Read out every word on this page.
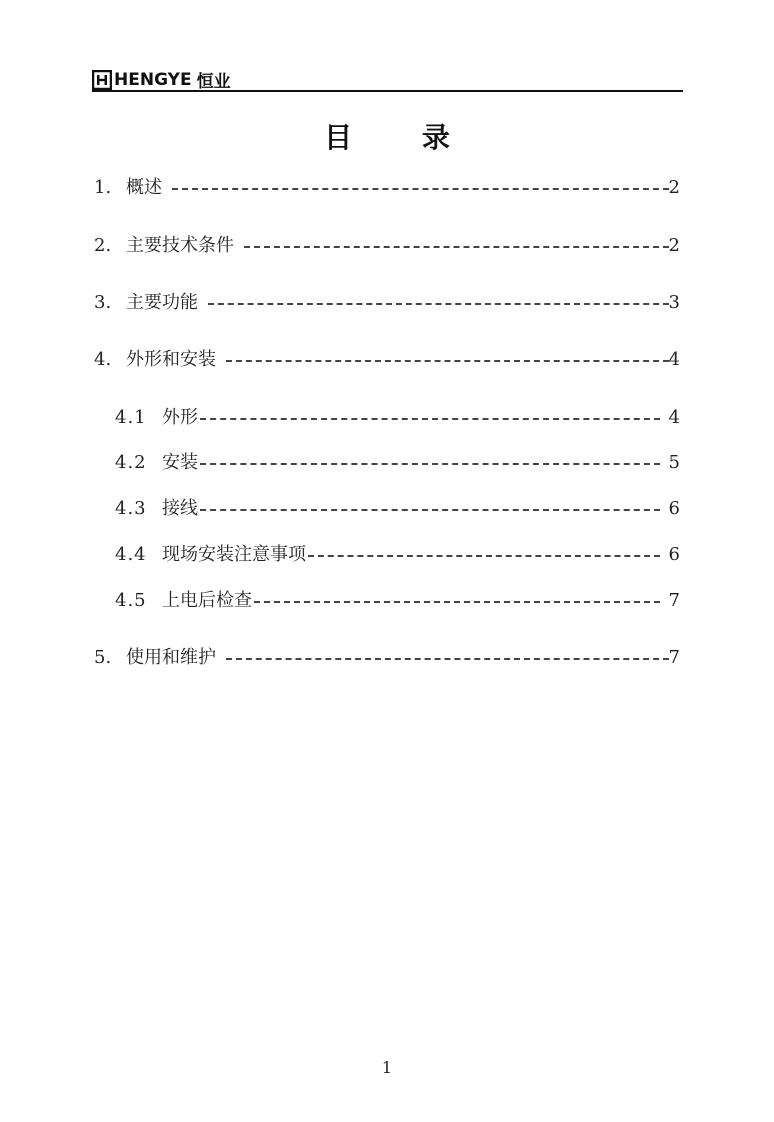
HENGYE 恒业
目 录
1. 概述	2
2. 主要技术条件	2
3. 主要功能	3
4. 外形和安装	4
4.1 外形	4
4.2 安装	5
4.3 接线	6
4.4 现场安装注意事项	6
4.5 上电后检查	7
5. 使用和维护	7
1
